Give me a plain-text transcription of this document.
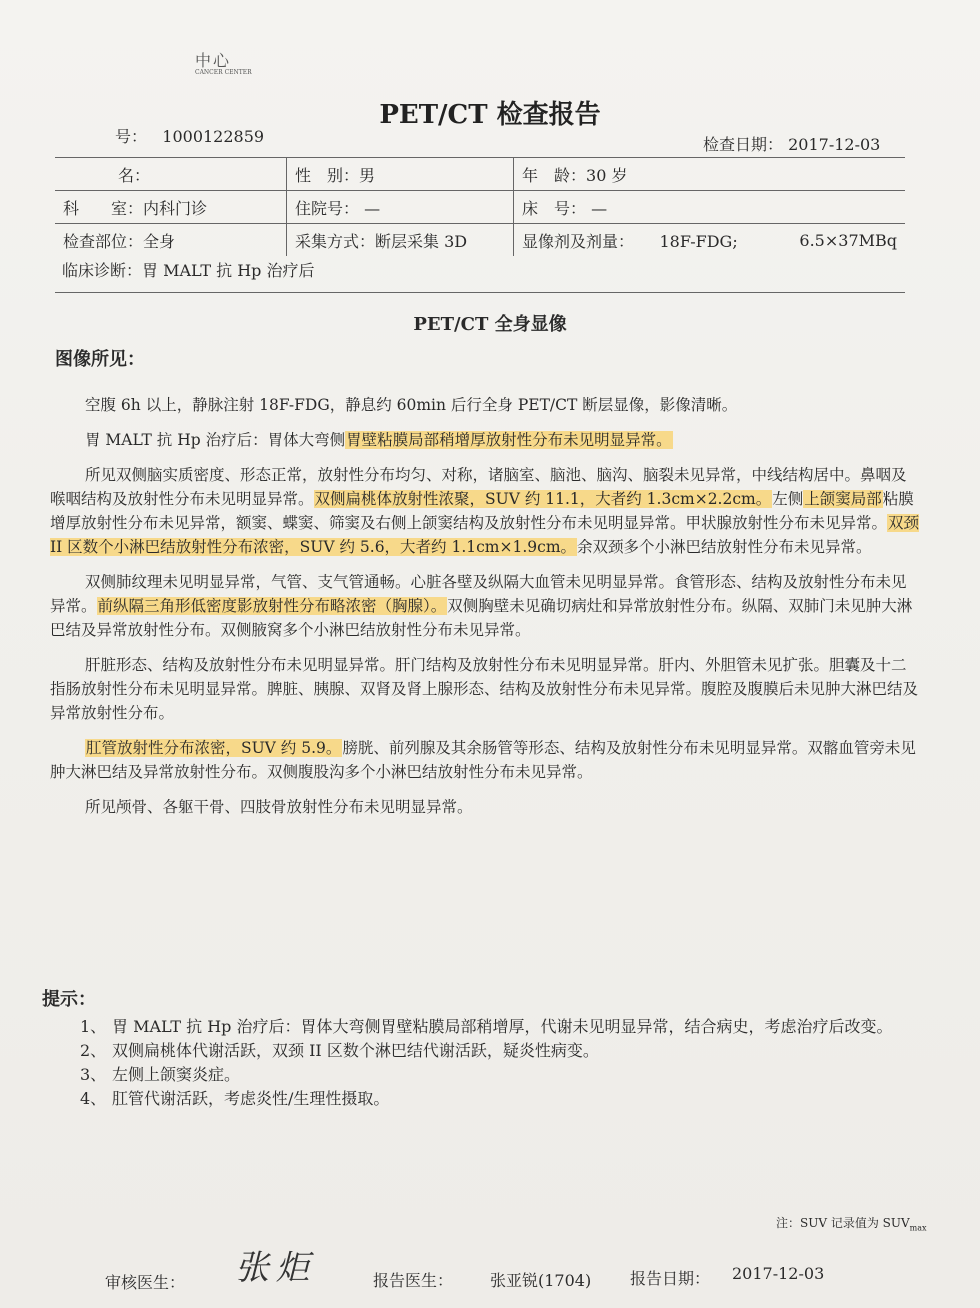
中心
CANCER CENTER
PET/CT 检查报告
号： 1000122859	检查日期： 2017-12-03
名：	性　别：男	年　龄：30 岁	
科　　室：内科门诊	住院号： —	床　号： —	
检查部位：全身	采集方式：断层采集 3D	显像剂及剂量： 18F-FDG;	6.5×37MBq
临床诊断：胃 MALT 抗 Hp 治疗后
PET/CT 全身显像
图像所见：

空腹 6h 以上，静脉注射 18F-FDG，静息约 60min 后行全身 PET/CT 断层显像，影像清晰。

胃 MALT 抗 Hp 治疗后：胃体大弯侧胃壁粘膜局部稍增厚放射性分布未见明显异常。

所见双侧脑实质密度、形态正常，放射性分布均匀、对称，诸脑室、脑池、脑沟、脑裂未见异常，中线结构居中。鼻咽及喉咽结构及放射性分布未见明显异常。双侧扁桃体放射性浓聚，SUV 约 11.1，大者约 1.3cm×2.2cm。左侧上颌窦局部粘膜增厚放射性分布未见异常，额窦、蝶窦、筛窦及右侧上颌窦结构及放射性分布未见明显异常。甲状腺放射性分布未见异常。双颈 II 区数个小淋巴结放射性分布浓密，SUV 约 5.6，大者约 1.1cm×1.9cm。余双颈多个小淋巴结放射性分布未见异常。

双侧肺纹理未见明显异常，气管、支气管通畅。心脏各壁及纵隔大血管未见明显异常。食管形态、结构及放射性分布未见异常。前纵隔三角形低密度影放射性分布略浓密（胸腺）。双侧胸壁未见确切病灶和异常放射性分布。纵隔、双肺门未见肿大淋巴结及异常放射性分布。双侧腋窝多个小淋巴结放射性分布未见异常。

肝脏形态、结构及放射性分布未见明显异常。肝门结构及放射性分布未见明显异常。肝内、外胆管未见扩张。胆囊及十二指肠放射性分布未见明显异常。脾脏、胰腺、双肾及肾上腺形态、结构及放射性分布未见异常。腹腔及腹膜后未见肿大淋巴结及异常放射性分布。

肛管放射性分布浓密，SUV 约 5.9。膀胱、前列腺及其余肠管等形态、结构及放射性分布未见明显异常。双髂血管旁未见肿大淋巴结及异常放射性分布。双侧腹股沟多个小淋巴结放射性分布未见异常。

所见颅骨、各躯干骨、四肢骨放射性分布未见明显异常。

提示：
1、 胃 MALT 抗 Hp 治疗后：胃体大弯侧胃壁粘膜局部稍增厚，代谢未见明显异常，结合病史，考虑治疗后改变。
2、 双侧扁桃体代谢活跃，双颈 II 区数个淋巴结代谢活跃，疑炎性病变。
3、 左侧上颌窦炎症。
4、 肛管代谢活跃，考虑炎性/生理性摄取。
注：SUV 记录值为 $SUV_{max}$
审核医生： 张 炬	报告医生： 张亚锐(1704) 报告日期： 2017-12-03
